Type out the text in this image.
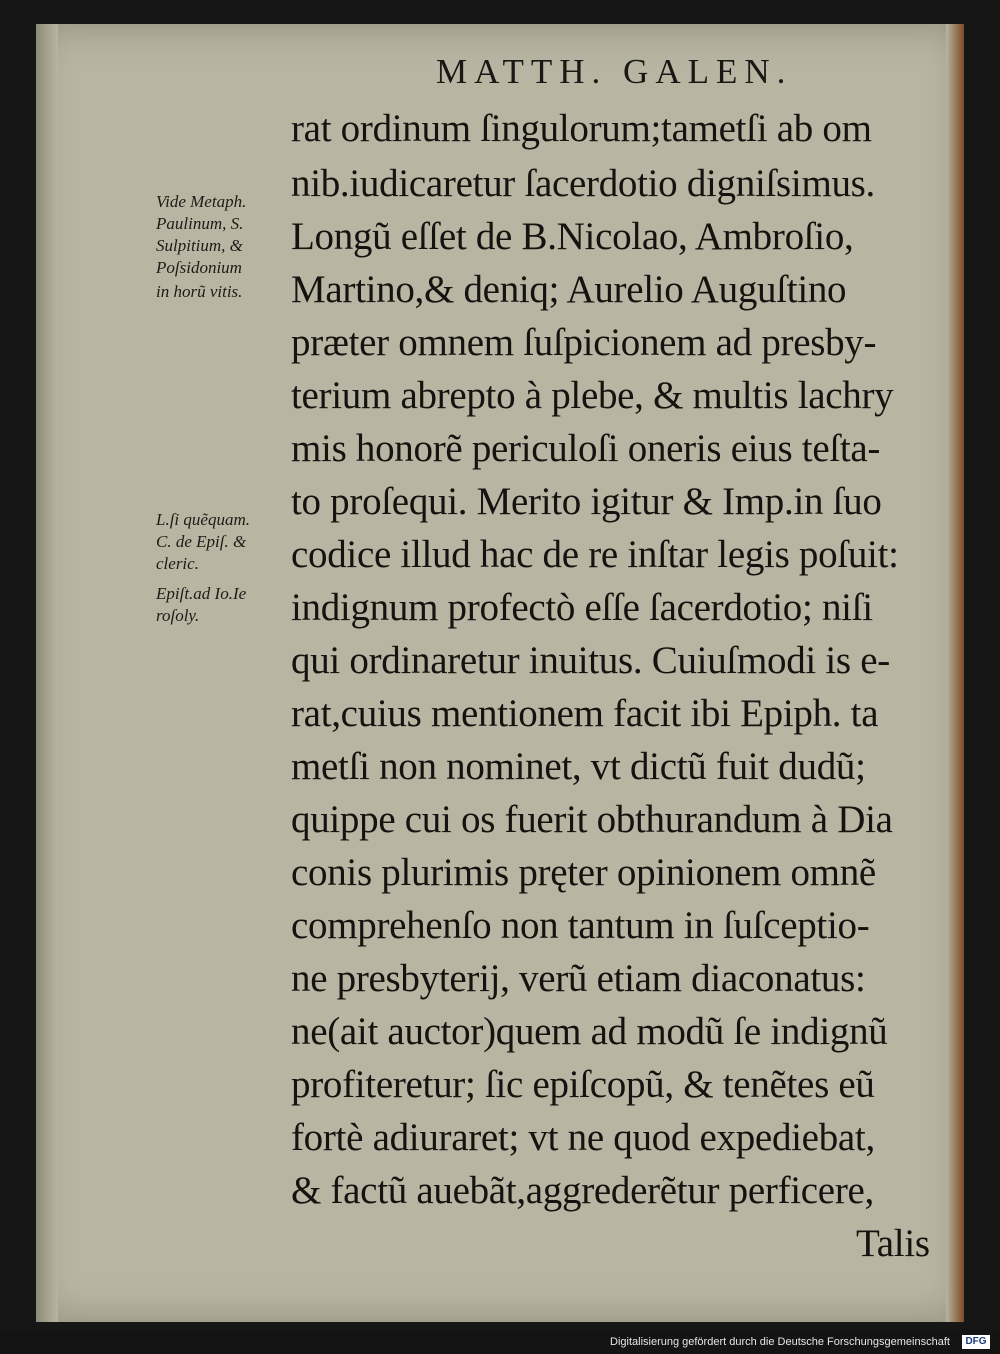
MATTH. GALEN.
rat ordinum ſingulorum;tametſi ab om
nib.iudicaretur ſacerdotio digniſsimus.
Longũ eſſet de B.Nicolao, Ambroſio,
Martino,& deniq; Aurelio Auguſtino
præter omnem ſuſpicionem ad presby-
terium abrepto à plebe, & multis lachry
mis honorẽ periculoſi oneris eius teſta-
to proſequi. Merito igitur & Imp.in ſuo
codice illud hac de re inſtar legis poſuit:
indignum profectò eſſe ſacerdotio; niſi
qui ordinaretur inuitus. Cuiuſmodi is e-
rat,cuius mentionem facit ibi Epiph. ta
metſi non nominet, vt dictũ fuit dudũ;
quippe cui os fuerit obthurandum à Dia
conis plurimis pręter opinionem omnẽ
comprehenſo non tantum in ſuſceptio-
ne presbyterij, verũ etiam diaconatus:
ne(ait auctor)quem ad modũ ſe indignũ
profiteretur; ſic epiſcopũ, & tenẽtes eũ
fortè adiuraret; vt ne quod expediebat,
& factũ auebãt,aggrederẽtur perficere,
Talis
Vide Metaph.
Paulinum, S.
Sulpitium, &
Poſsidonium
in horũ vitis.
L.ſi quẽquam.
C. de Epiſ. &
cleric.
Epiſt.ad Io.Ie
roſoly.
Digitalisierung gefördert durch die Deutsche Forschungsgemeinschaft	DFG
